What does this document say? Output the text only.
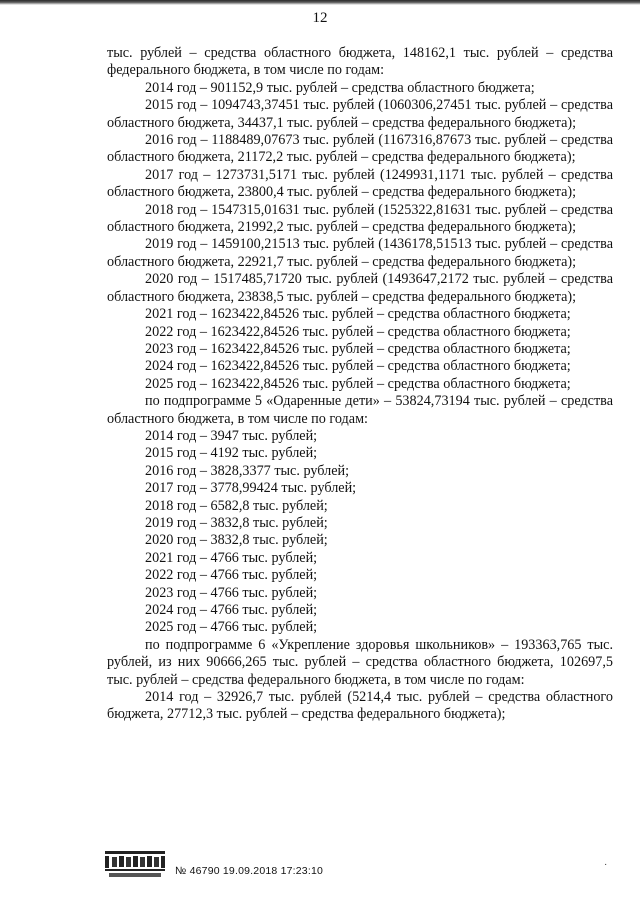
12

тыс. рублей – средства областного бюджета, 148162,1 тыс. рублей – средства федерального бюджета, в том числе по годам:

2014 год – 901152,9 тыс. рублей – средства областного бюджета;

2015 год – 1094743,37451 тыс. рублей (1060306,27451 тыс. рублей – средства областного бюджета, 34437,1 тыс. рублей – средства федерального бюджета);

2016 год – 1188489,07673 тыс. рублей (1167316,87673 тыс. рублей – средства областного бюджета, 21172,2 тыс. рублей – средства федерального бюджета);

2017 год – 1273731,5171 тыс. рублей (1249931,1171 тыс. рублей – средства областного бюджета, 23800,4 тыс. рублей – средства федерального бюджета);

2018 год – 1547315,01631 тыс. рублей (1525322,81631 тыс. рублей – средства областного бюджета, 21992,2 тыс. рублей – средства федерального бюджета);

2019 год – 1459100,21513 тыс. рублей (1436178,51513 тыс. рублей – средства областного бюджета, 22921,7 тыс. рублей – средства федерального бюджета);

2020 год – 1517485,71720 тыс. рублей (1493647,2172 тыс. рублей – средства областного бюджета, 23838,5 тыс. рублей – средства федерального бюджета);

2021 год – 1623422,84526 тыс. рублей – средства областного бюджета;

2022 год – 1623422,84526 тыс. рублей – средства областного бюджета;

2023 год – 1623422,84526 тыс. рублей – средства областного бюджета;

2024 год – 1623422,84526 тыс. рублей – средства областного бюджета;

2025 год – 1623422,84526 тыс. рублей – средства областного бюджета;

по подпрограмме 5 «Одаренные дети» – 53824,73194 тыс. рублей – средства областного бюджета, в том числе по годам:

2014 год – 3947 тыс. рублей;

2015 год – 4192 тыс. рублей;

2016 год – 3828,3377 тыс. рублей;

2017 год – 3778,99424 тыс. рублей;

2018 год – 6582,8 тыс. рублей;

2019 год – 3832,8 тыс. рублей;

2020 год – 3832,8 тыс. рублей;

2021 год – 4766 тыс. рублей;

2022 год – 4766 тыс. рублей;

2023 год – 4766 тыс. рублей;

2024 год – 4766 тыс. рублей;

2025 год – 4766 тыс. рублей;

по подпрограмме 6 «Укрепление здоровья школьников» – 193363,765 тыс. рублей, из них 90666,265 тыс. рублей – средства областного бюджета, 102697,5 тыс. рублей – средства федерального бюджета, в том числе по годам:

2014 год – 32926,7 тыс. рублей (5214,4 тыс. рублей – средства областного бюджета, 27712,3 тыс. рублей – средства федерального бюджета);

№ 46790 19.09.2018 17:23:10
·
